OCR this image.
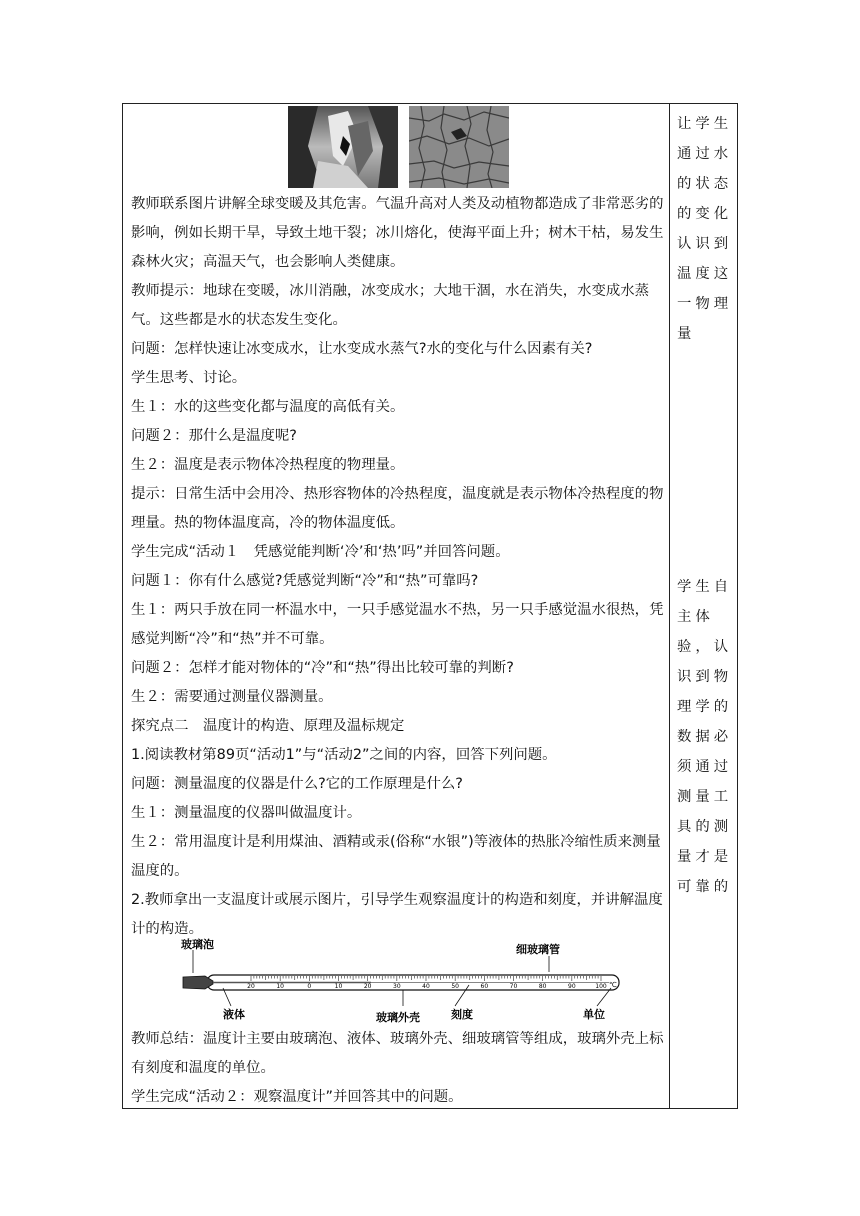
教师联系图片讲解全球变暖及其危害。气温升高对人类及动植物都造成了非常恶劣的影响，例如长期干旱，导致土地干裂；冰川熔化，使海平面上升；树木干枯，易发生森林火灾；高温天气，也会影响人类健康。

教师提示：地球在变暖，冰川消融，冰变成水；大地干涸，水在消失，水变成水蒸气。这些都是水的状态发生变化。

问题：怎样快速让冰变成水，让水变成水蒸气?水的变化与什么因素有关?

学生思考、讨论。

生１：水的这些变化都与温度的高低有关。

问题２：那什么是温度呢?

生２：温度是表示物体冷热程度的物理量。

提示：日常生活中会用冷、热形容物体的冷热程度，温度就是表示物体冷热程度的物理量。热的物体温度高，冷的物体温度低。

学生完成“活动１　凭感觉能判断‘冷’和‘热’吗”并回答问题。

问题１：你有什么感觉?凭感觉判断“冷”和“热”可靠吗?

生１：两只手放在同一杯温水中，一只手感觉温水不热，另一只手感觉温水很热，凭感觉判断“冷”和“热”并不可靠。

问题２：怎样才能对物体的“冷”和“热”得出比较可靠的判断?

生２：需要通过测量仪器测量。

探究点二　温度计的构造、原理及温标规定

1.阅读教材第89页“活动1”与“活动2”之间的内容，回答下列问题。

问题：测量温度的仪器是什么?它的工作原理是什么?

生１：测量温度的仪器叫做温度计。

生２：常用温度计是利用煤油、酒精或汞(俗称“水银”)等液体的热胀冷缩性质来测量温度的。

2.教师拿出一支温度计或展示图片，引导学生观察温度计的构造和刻度，并讲解温度计的构造。

玻璃泡	细玻璃管
20	10	0	10	20	30	40	50	60	70	80	90	100 ℃
液体	玻璃外壳	刻度	单位

教师总结：温度计主要由玻璃泡、液体、玻璃外壳、细玻璃管等组成，玻璃外壳上标有刻度和温度的单位。

学生完成“活动２：观察温度计”并回答其中的问题。

让学生通过水的状态的变化认识到温度这一物理量

学生自主体验，认识到物理学的数据必须通过测量工具的测量才是可靠的
